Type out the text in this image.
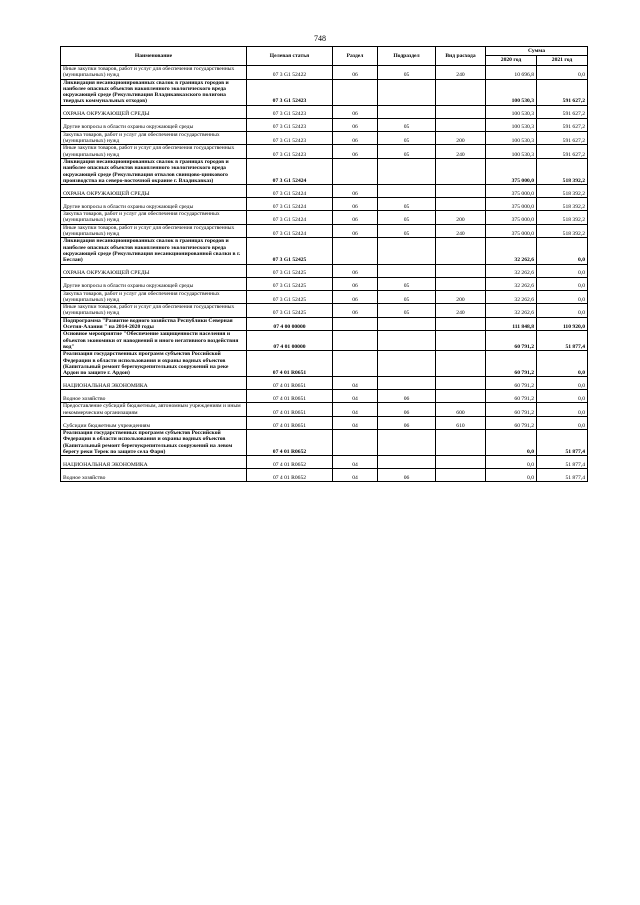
748
Наименование	Целевая статья	Раздел	Подраздел	Вид расхода	Сумма	
					2020 год	2021 год
Иные закупки товаров, работ и услуг для обеспечения государственных (муниципальных) нужд	07 3 G1 52422	06	05	240	10 696,8	0,0
Ликвидация несанкционированных свалок в границах городов и наиболее опасных объектов накопленного экологического вреда окружающей среде (Рекультивация Владикавказского полигона твердых коммунальных отходов)	07 3 G1 52423				100 530,3	591 627,2
ОХРАНА ОКРУЖАЮЩЕЙ СРЕДЫ	07 3 G1 52423	06			100 530,3	591 627,2
Другие вопросы в области охраны окружающей среды	07 3 G1 52423	06	05		100 530,3	591 627,2
Закупка товаров, работ и услуг для обеспечения государственных (муниципальных) нужд	07 3 G1 52423	06	05	200	100 530,3	591 627,2
Иные закупки товаров, работ и услуг для обеспечения государственных (муниципальных) нужд	07 3 G1 52423	06	05	240	100 530,3	591 627,2
Ликвидация несанкционированных свалок в границах городов и наиболее опасных объектов накопленного экологического вреда окружающей среде (Рекультивация отвалов свинцово-цинкового производства на северо-восточной окраине г. Владикавказ)	07 3 G1 52424				375 000,0	518 392,2
ОХРАНА ОКРУЖАЮЩЕЙ СРЕДЫ	07 3 G1 52424	06			375 000,0	518 392,2
Другие вопросы в области охраны окружающей среды	07 3 G1 52424	06	05		375 000,0	518 392,2
Закупка товаров, работ и услуг для обеспечения государственных (муниципальных) нужд	07 3 G1 52424	06	05	200	375 000,0	518 392,2
Иные закупки товаров, работ и услуг для обеспечения государственных (муниципальных) нужд	07 3 G1 52424	06	05	240	375 000,0	518 392,2
Ликвидация несанкционированных свалок в границах городов и наиболее опасных объектов накопленного экологического вреда окружающей среде (Рекультивация несанкционированной свалки в г. Беслан)	07 3 G1 52425				32 262,6	0,0
ОХРАНА ОКРУЖАЮЩЕЙ СРЕДЫ	07 3 G1 52425	06			32 262,6	0,0
Другие вопросы в области охраны окружающей среды	07 3 G1 52425	06	05		32 262,6	0,0
Закупка товаров, работ и услуг для обеспечения государственных (муниципальных) нужд	07 3 G1 52425	06	05	200	32 262,6	0,0
Иные закупки товаров, работ и услуг для обеспечения государственных (муниципальных) нужд	07 3 G1 52425	06	05	240	32 262,6	0,0
Подпрограмма "Развитие водного хозяйства Республики Северная Осетия-Алания " на 2014-2020 годы	07 4 00 00000				111 848,8	110 920,0
Основное мероприятие "Обеспечение защищенности населения и объектов экономики от наводнений и иного негативного воздействия вод"	07 4 01 00000				60 791,2	51 877,4
Реализация государственных программ субъектов Российской Федерации в области использования и охраны водных объектов (Капитальный ремонт берегоукрепительных сооружений на реке Ардон по защите г. Ардон)	07 4 01 R0651				60 791,2	0,0
НАЦИОНАЛЬНАЯ ЭКОНОМИКА	07 4 01 R0651	04			60 791,2	0,0
Водное хозяйство	07 4 01 R0651	04	06		60 791,2	0,0
Предоставление субсидий бюджетным, автономным учреждениям и иным некоммерческим организациям	07 4 01 R0651	04	06	600	60 791,2	0,0
Субсидии бюджетным учреждениям	07 4 01 R0651	04	06	610	60 791,2	0,0
Реализация государственных программ субъектов Российской Федерации в области использования и охраны водных объектов (Капитальный ремонт берегоукрепительных сооружений на левом берегу реки Терек по защите села Фарн)	07 4 01 R0652				0,0	51 877,4
НАЦИОНАЛЬНАЯ ЭКОНОМИКА	07 4 01 R0652	04			0,0	51 877,4
Водное хозяйство	07 4 01 R0652	04	06		0,0	51 877,4
